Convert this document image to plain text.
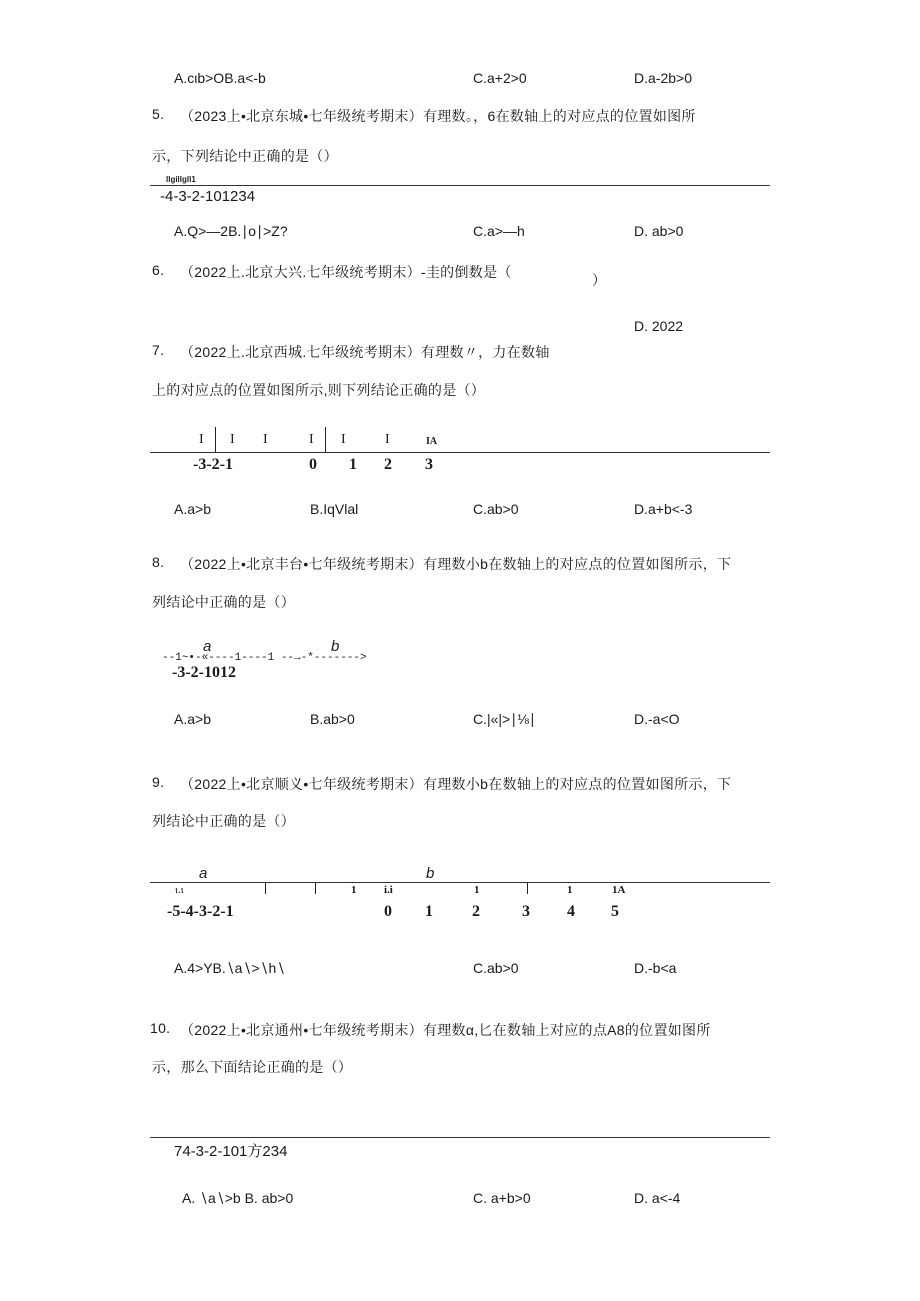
A.cιb>OB.a<-b	C.a+2>0	D.a-2b>0
5. （2023上•北京东城•七年级统考期末）有理数。，6在数轴上的对应点的位置如图所
示，下列结论中正确的是（）
llgillgll1
-4-3-2-101234
A.Q>—2B.∣o∣>Z?	C.a>—h	D. ab>0
6. （2022上.北京大兴.七年级统考期末）-圭的倒数是（	）
D. 2022
7. （2022上.北京西城.七年级统考期末）有理数〃，力在数轴
上的对应点的位置如图所示,则下列结论正确的是（）
I I I	I I	I	IA
-3-2-1	0 1 2 3
A.a>b	B.IqVlal	C.ab>0	D.a+b<-3
8. （2022上•北京丰台•七年级统考期末）有理数小b在数轴上的对应点的位置如图所示，下
列结论中正确的是（）
a	b
--1~•-«----1----1 --→-*------->
-3-2-1012
A.a>b	B.ab>0	C.|«|>∣⅛∣	D.-a<O
9. （2022上•北京顺义•七年级统考期末）有理数小b在数轴上的对应点的位置如图所示，下
列结论中正确的是（）
a	b
ι.ι	1	i.i	1	1	1A
-5-4-3-2-1	0 1 2	3 4 5
A.4>YB.∖a∖>∖h∖	C.ab>0	D.-b<a
10. （2022上•北京通州•七年级统考期末）有理数α,匕在数轴上对应的点A8的位置如图所
示，那么下面结论正确的是（）
74-3-2-101方234
A. ∖a∖>b B. ab>0	C. a+b>0	D. a<-4
